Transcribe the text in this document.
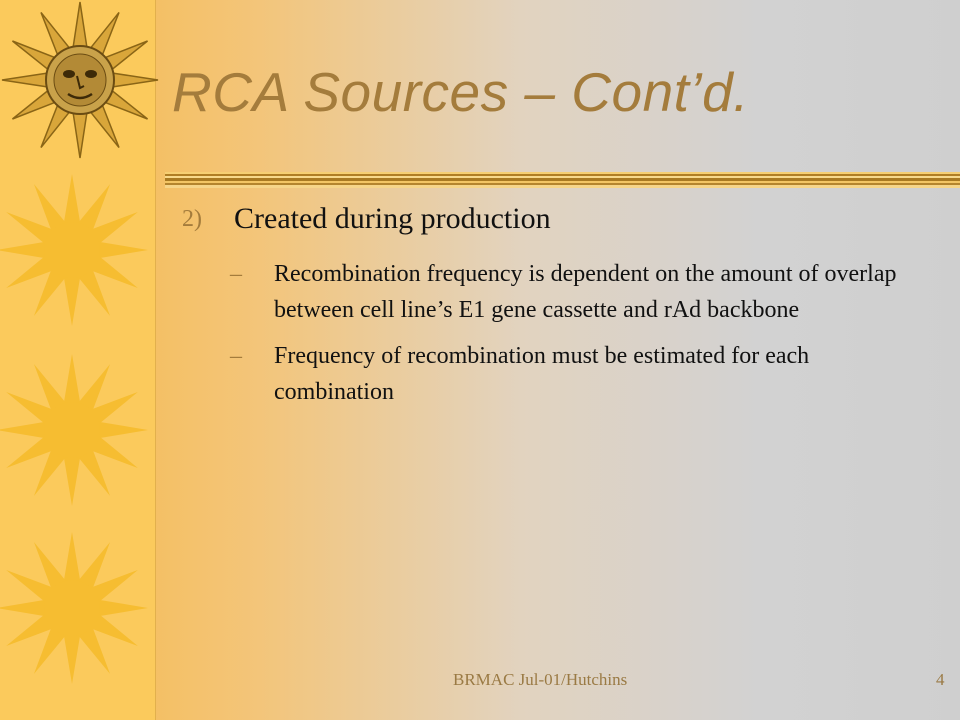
RCA Sources – Cont’d.
2) Created during production
– Recombination frequency is dependent on the amount of overlap between cell line’s E1 gene cassette and rAd backbone
– Frequency of recombination must be estimated for each combination
BRMAC Jul-01/Hutchins	4
